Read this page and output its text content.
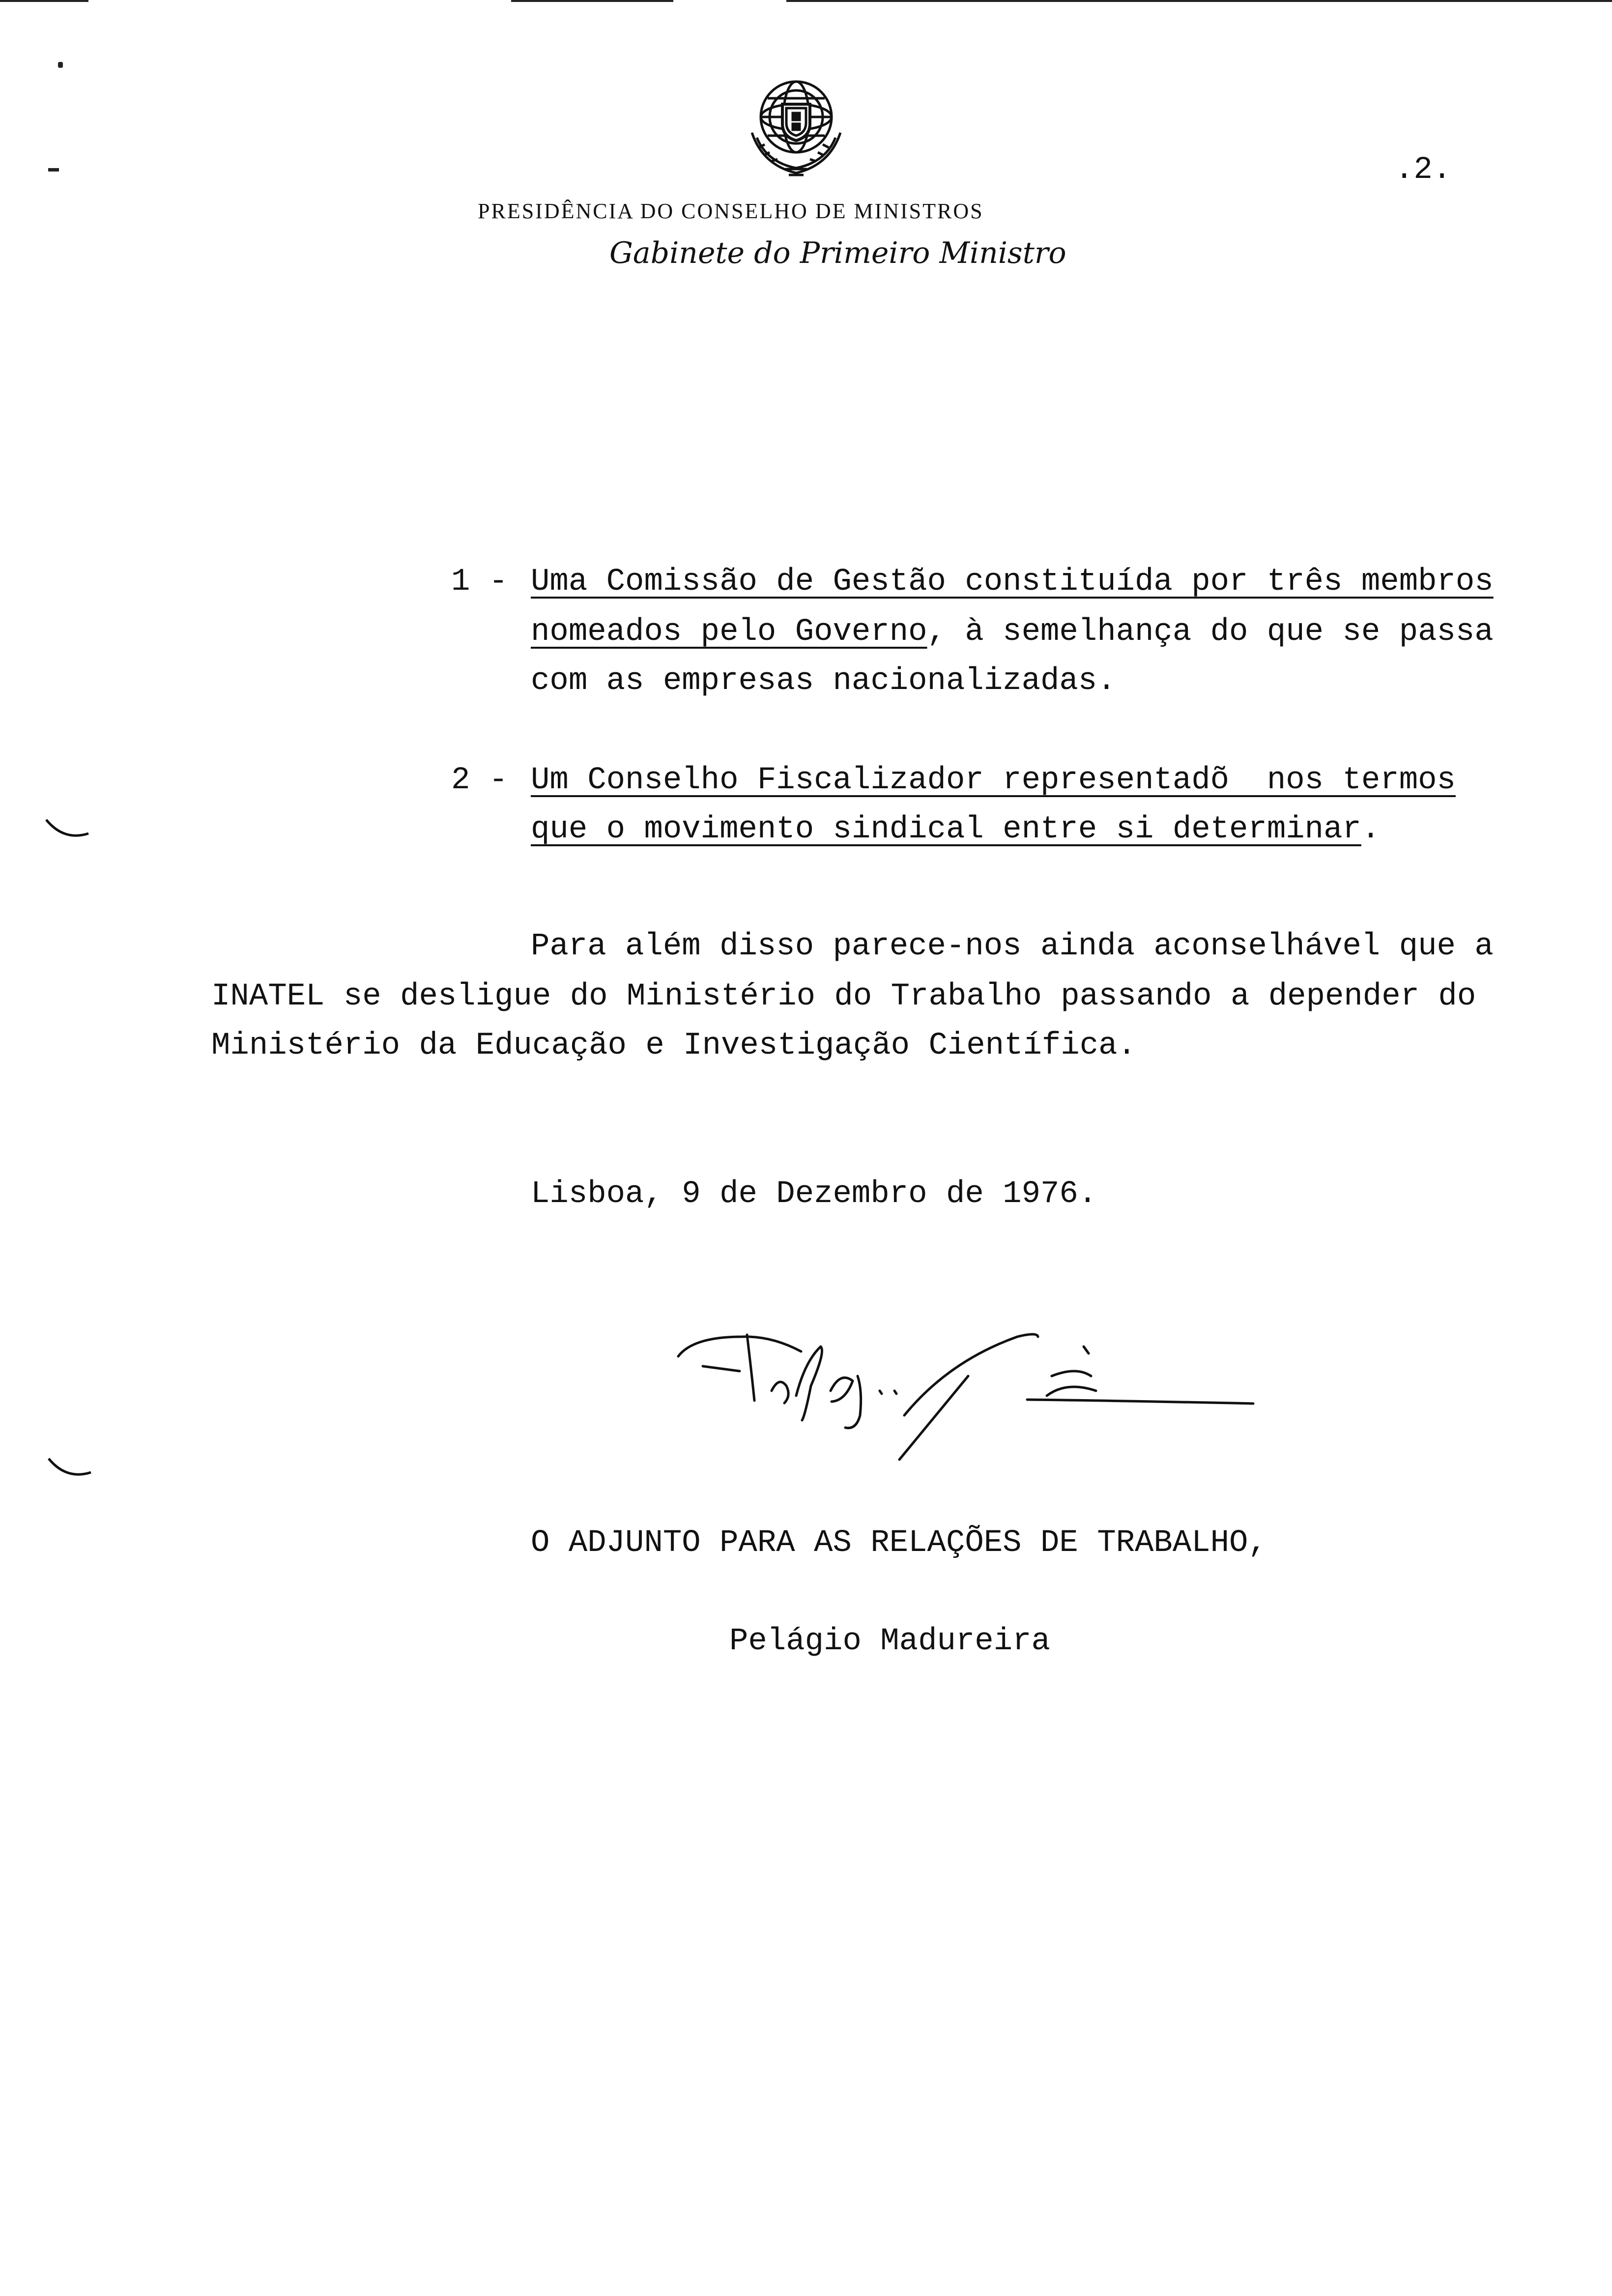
PRESIDÊNCIA DO CONSELHO DE MINISTROS
Gabinete do Primeiro Ministro
.2.
1 - Uma Comissão de Gestão constituída por três membros
nomeados pelo Governo, à semelhança do que se passa
com as empresas nacionalizadas.
2 - Um Conselho Fiscalizador representadõ  nos termos
que o movimento sindical entre si determinar.
Para além disso parece-nos ainda aconselhável que a
INATEL se desligue do Ministério do Trabalho passando a depender do
Ministério da Educação e Investigação Científica.
Lisboa, 9 de Dezembro de 1976.
O ADJUNTO PARA AS RELAÇÕES DE TRABALHO,
Pelágio Madureira
